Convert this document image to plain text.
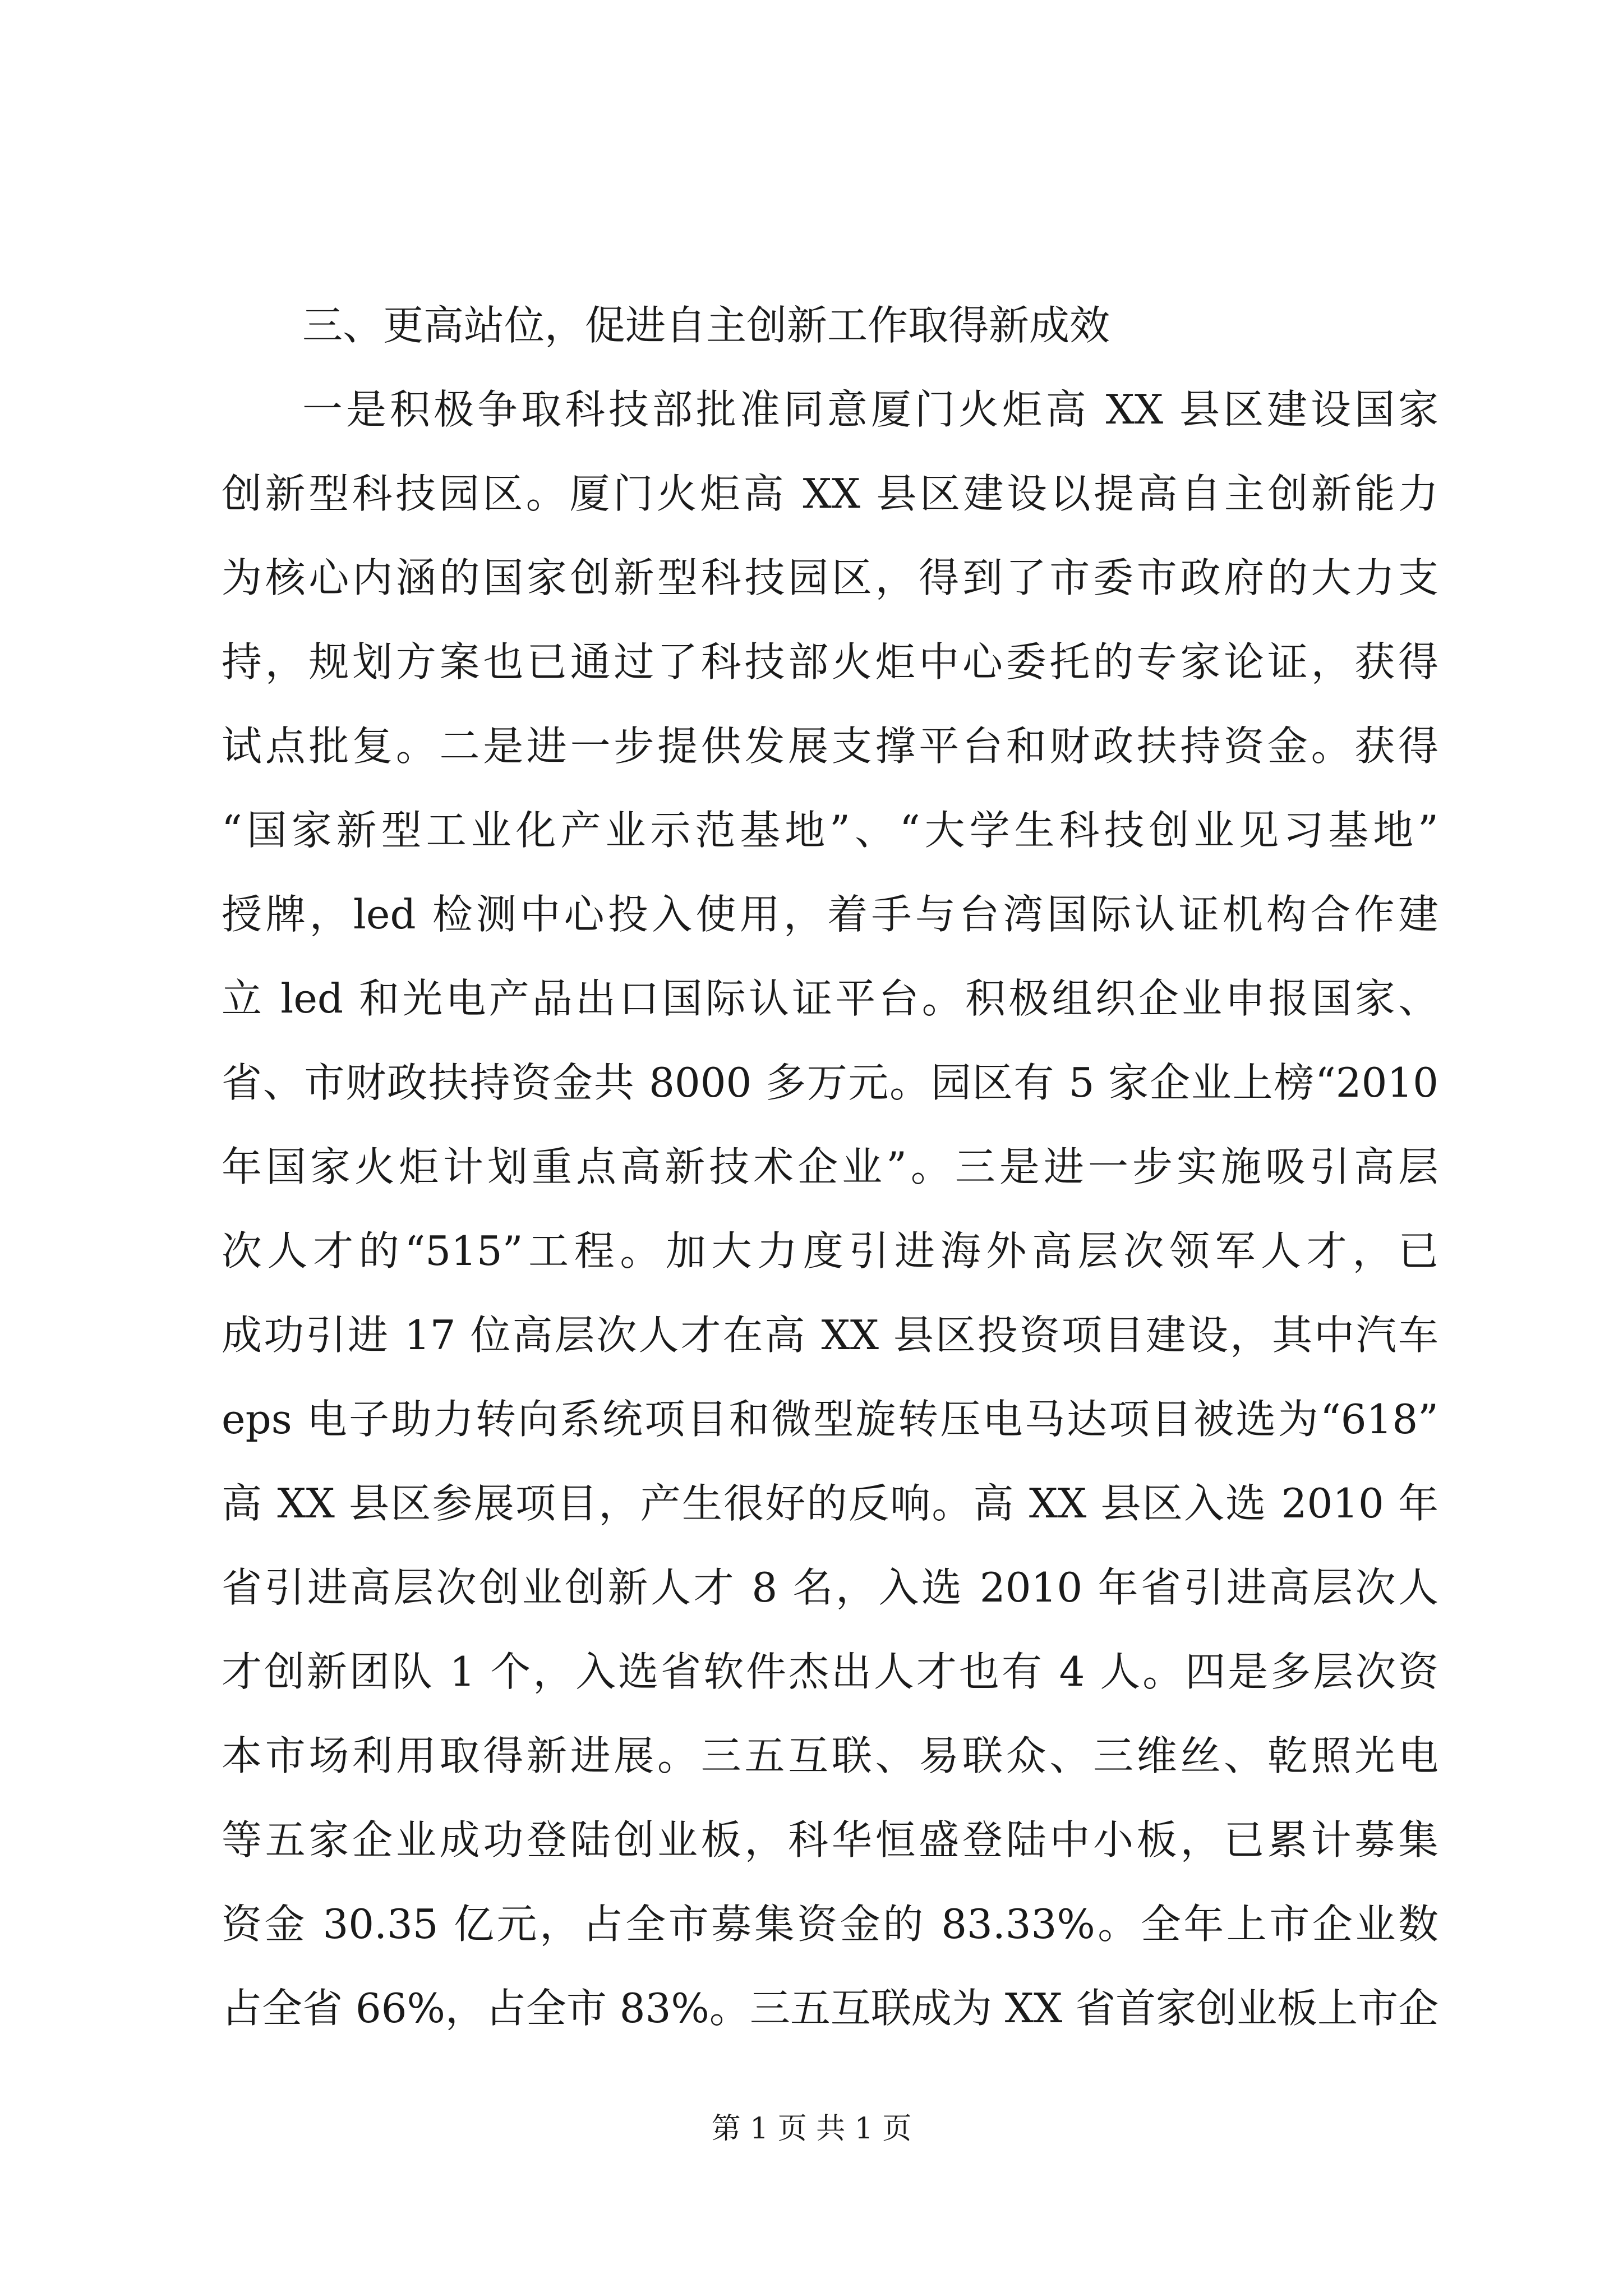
三、更高站位，促进自主创新工作取得新成效
一是积极争取科技部批准同意厦门火炬高 XX 县区建设国家
创新型科技园区。厦门火炬高 XX 县区建设以提高自主创新能力
为核心内涵的国家创新型科技园区，得到了市委市政府的大力支
持，规划方案也已通过了科技部火炬中心委托的专家论证，获得
试点批复。二是进一步提供发展支撑平台和财政扶持资金。获得
“国家新型工业化产业示范基地”、“大学生科技创业见习基地”
授牌，led 检测中心投入使用，着手与台湾国际认证机构合作建
立 led 和光电产品出口国际认证平台。积极组织企业申报国家、
省、市财政扶持资金共 8000 多万元。园区有 5 家企业上榜“2010
年国家火炬计划重点高新技术企业”。三是进一步实施吸引高层
次人才的“515”工程。加大力度引进海外高层次领军人才，已
成功引进 17 位高层次人才在高 XX 县区投资项目建设，其中汽车
eps 电子助力转向系统项目和微型旋转压电马达项目被选为“618”
高 XX 县区参展项目，产生很好的反响。高 XX 县区入选 2010 年
省引进高层次创业创新人才 8 名，入选 2010 年省引进高层次人
才创新团队 1 个，入选省软件杰出人才也有 4 人。四是多层次资
本市场利用取得新进展。三五互联、易联众、三维丝、乾照光电
等五家企业成功登陆创业板，科华恒盛登陆中小板，已累计募集
资金 30.35 亿元，占全市募集资金的 83.33%。全年上市企业数
占全省 66%，占全市 83%。三五互联成为 XX 省首家创业板上市企
第 1 页 共 1 页
